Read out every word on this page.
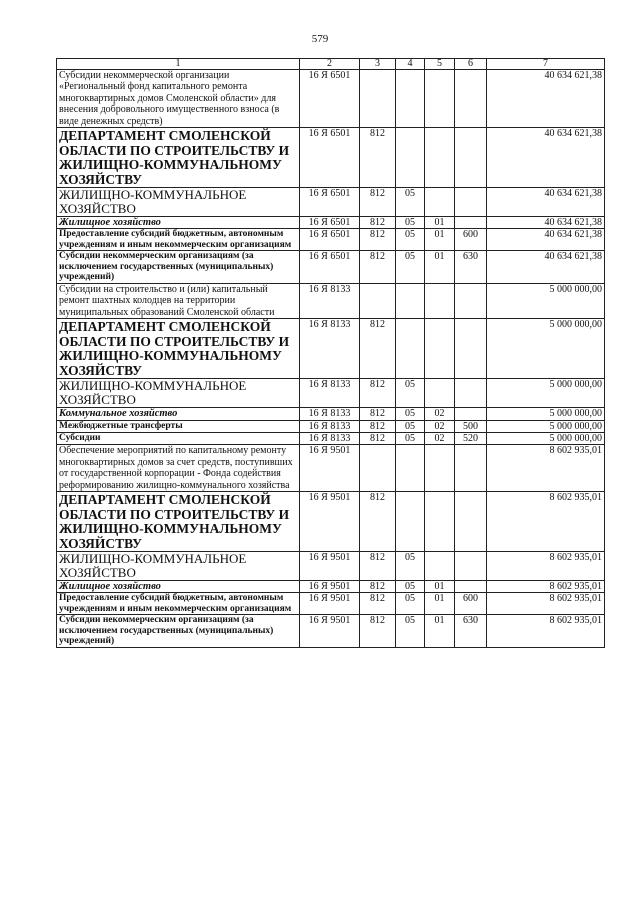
579
1	2	3	4	5	6	7
Субсидии некоммерческой организации «Региональный фонд капитального ремонта многоквартирных домов Смоленской области» для внесения добровольного имущественного взноса (в виде денежных средств)	16 Я 6501					40 634 621,38
ДЕПАРТАМЕНТ СМОЛЕНСКОЙ ОБЛАСТИ ПО СТРОИТЕЛЬСТВУ И ЖИЛИЩНО-КОММУНАЛЬНОМУ ХОЗЯЙСТВУ	16 Я 6501	812				40 634 621,38
ЖИЛИЩНО-КОММУНАЛЬНОЕ ХОЗЯЙСТВО	16 Я 6501	812	05			40 634 621,38
Жилищное хозяйство	16 Я 6501	812	05	01		40 634 621,38
Предоставление субсидий бюджетным, автономным учреждениям и иным некоммерческим организациям	16 Я 6501	812	05	01	600	40 634 621,38
Субсидии некоммерческим организациям (за исключением государственных (муниципальных) учреждений)	16 Я 6501	812	05	01	630	40 634 621,38
Субсидии на строительство и (или) капитальный ремонт шахтных колодцев на территории муниципальных образований Смоленской области	16 Я 8133					5 000 000,00
ДЕПАРТАМЕНТ СМОЛЕНСКОЙ ОБЛАСТИ ПО СТРОИТЕЛЬСТВУ И ЖИЛИЩНО-КОММУНАЛЬНОМУ ХОЗЯЙСТВУ	16 Я 8133	812				5 000 000,00
ЖИЛИЩНО-КОММУНАЛЬНОЕ ХОЗЯЙСТВО	16 Я 8133	812	05			5 000 000,00
Коммунальное хозяйство	16 Я 8133	812	05	02		5 000 000,00
Межбюджетные трансферты	16 Я 8133	812	05	02	500	5 000 000,00
Субсидии	16 Я 8133	812	05	02	520	5 000 000,00
Обеспечение мероприятий по капитальному ремонту многоквартирных домов за счет средств, поступивших от государственной корпорации - Фонда содействия реформированию жилищно-коммунального хозяйства	16 Я 9501					8 602 935,01
ДЕПАРТАМЕНТ СМОЛЕНСКОЙ ОБЛАСТИ ПО СТРОИТЕЛЬСТВУ И ЖИЛИЩНО-КОММУНАЛЬНОМУ ХОЗЯЙСТВУ	16 Я 9501	812				8 602 935,01
ЖИЛИЩНО-КОММУНАЛЬНОЕ ХОЗЯЙСТВО	16 Я 9501	812	05			8 602 935,01
Жилищное хозяйство	16 Я 9501	812	05	01		8 602 935,01
Предоставление субсидий бюджетным, автономным учреждениям и иным некоммерческим организациям	16 Я 9501	812	05	01	600	8 602 935,01
Субсидии некоммерческим организациям (за исключением государственных (муниципальных) учреждений)	16 Я 9501	812	05	01	630	8 602 935,01
